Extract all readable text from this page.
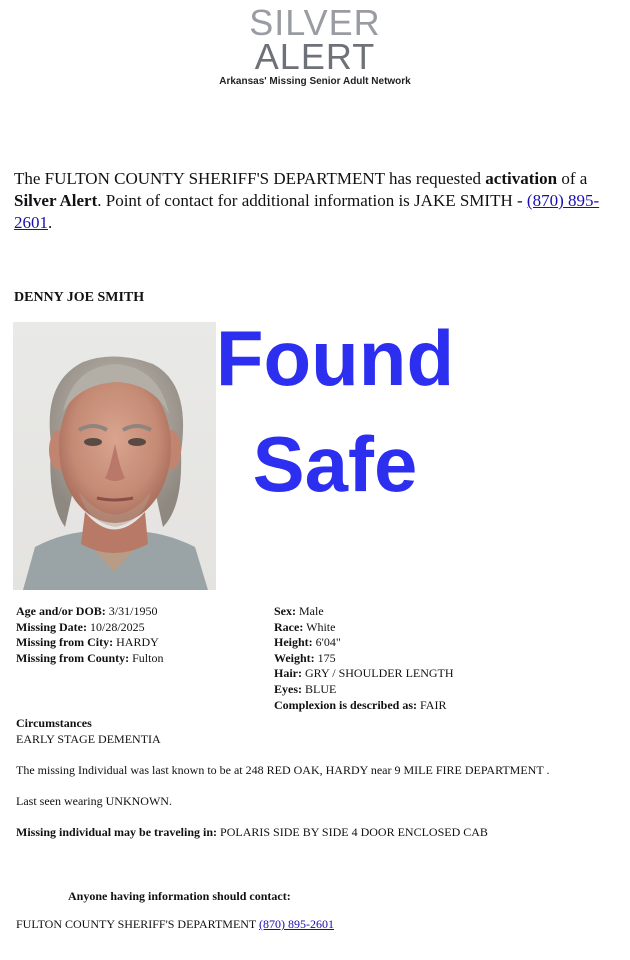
SILVER
ALERT
Arkansas' Missing Senior Adult Network
The FULTON COUNTY SHERIFF'S DEPARTMENT has requested activation of a Silver Alert. Point of contact for additional information is JAKE SMITH - (870) 895-2601.
DENNY JOE SMITH
Found
Safe
Age and/or DOB: 3/31/1950
Missing Date: 10/28/2025
Missing from City: HARDY
Missing from County: Fulton
Sex: Male
Race: White
Height: 6'04"
Weight: 175
Hair: GRY / SHOULDER LENGTH
Eyes: BLUE
Complexion is described as: FAIR
Circumstances
EARLY STAGE DEMENTIA
The missing Individual was last known to be at 248 RED OAK, HARDY near 9 MILE FIRE DEPARTMENT .
Last seen wearing UNKNOWN.
Missing individual may be traveling in: POLARIS SIDE BY SIDE 4 DOOR ENCLOSED CAB
Anyone having information should contact:
FULTON COUNTY SHERIFF'S DEPARTMENT (870) 895-2601
